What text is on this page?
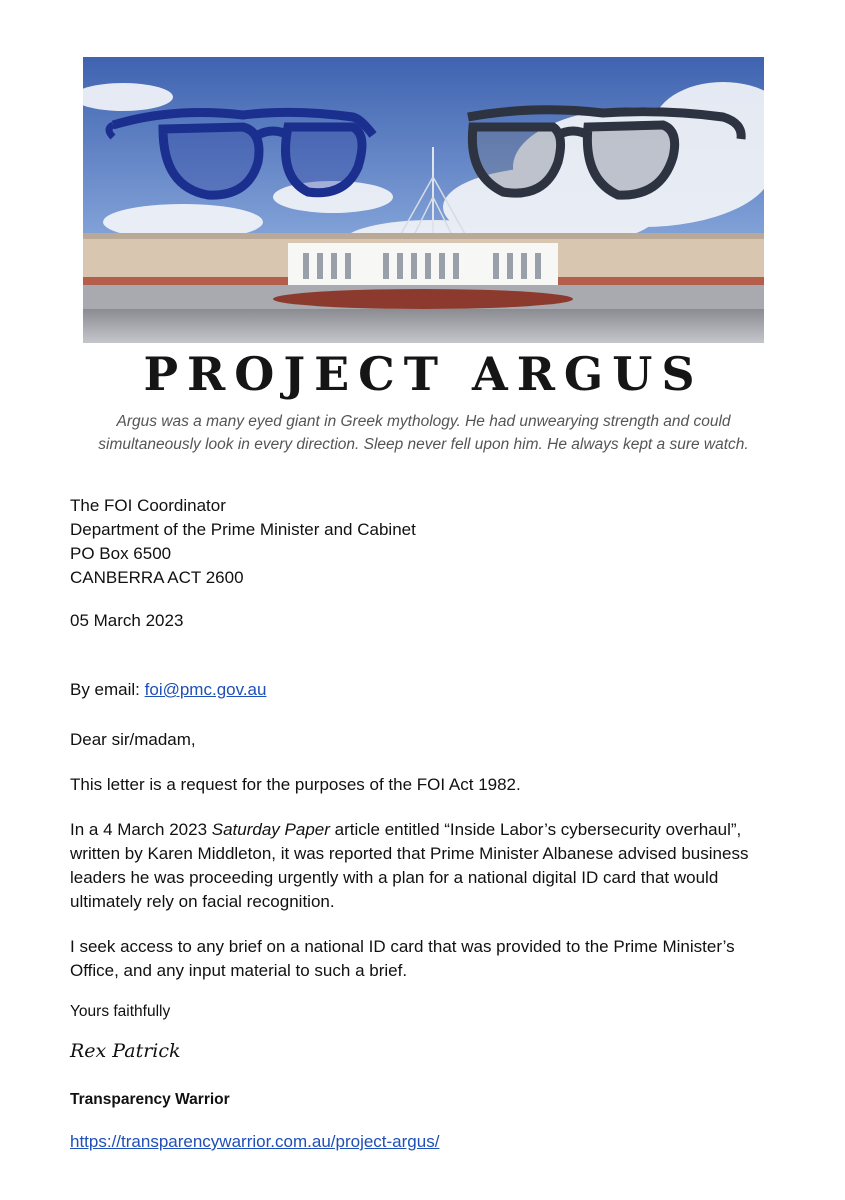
PROJECT ARGUS
Argus was a many eyed giant in Greek mythology. He had unwearying strength and could
simultaneously look in every direction. Sleep never fell upon him. He always kept a sure watch.
The FOI Coordinator
Department of the Prime Minister and Cabinet
PO Box 6500
CANBERRA ACT 2600
05 March 2023
By email: foi@pmc.gov.au
Dear sir/madam,
This letter is a request for the purposes of the FOI Act 1982.
In a 4 March 2023 Saturday Paper article entitled “Inside Labor’s cybersecurity overhaul”, written by Karen Middleton, it was reported that Prime Minister Albanese advised business leaders he was proceeding urgently with a plan for a national digital ID card that would ultimately rely on facial recognition.
I seek access to any brief on a national ID card that was provided to the Prime Minister’s Office, and any input material to such a brief.
Yours faithfully
Rex Patrick
Transparency Warrior
https://transparencywarrior.com.au/project-argus/
